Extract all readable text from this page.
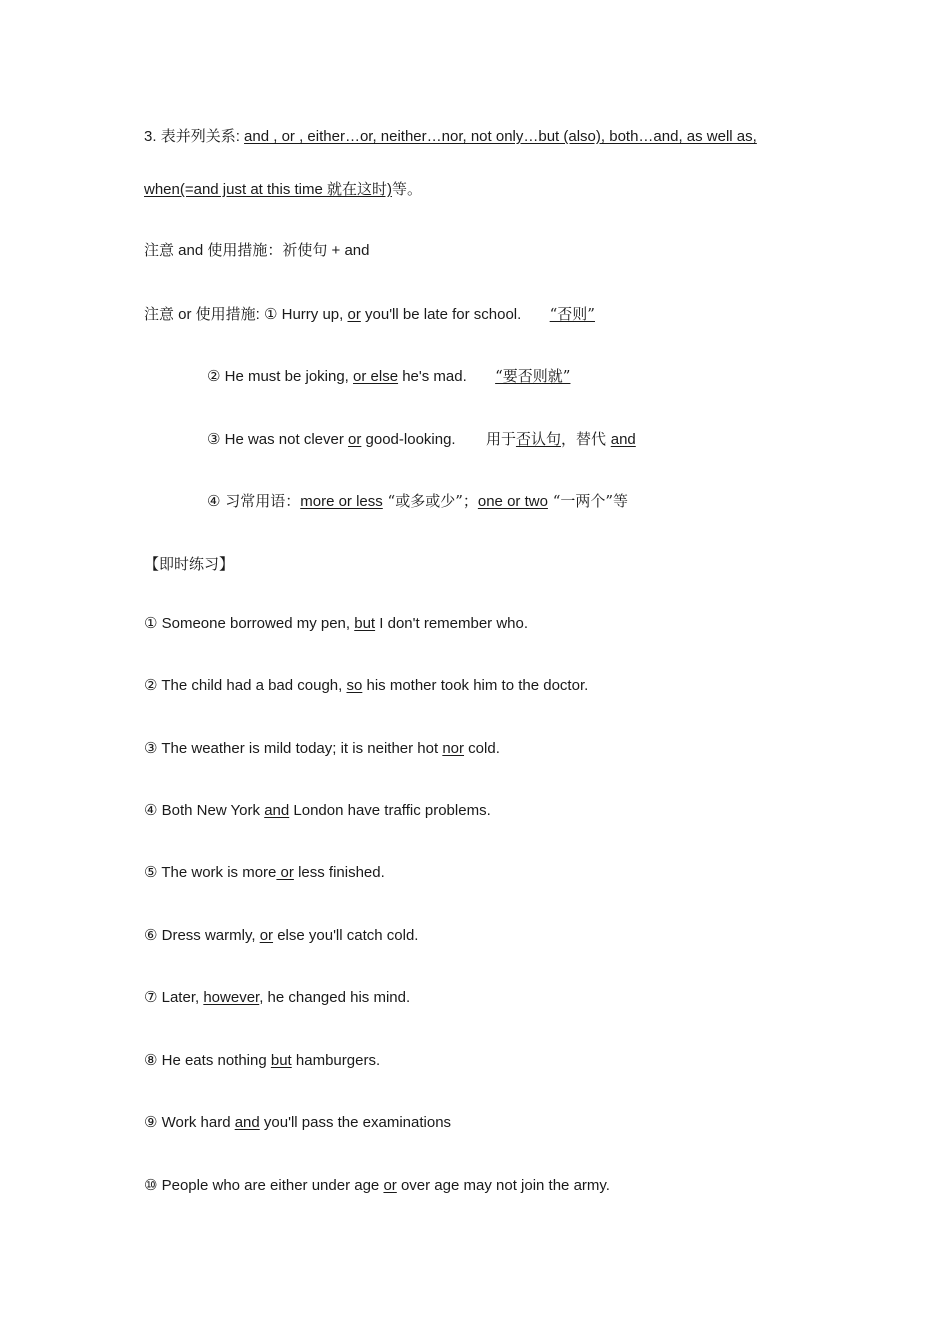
3. 表并列关系: and , or , either…or, neither…nor, not only…but (also), both…and, as well as,
when(=and just at this time 就在这时)等。
注意 and 使用措施：祈使句 + and
注意 or 使用措施: ① Hurry up, or you'll be late for school. “否则”
② He must be joking, or else he's mad. “要否则就”
③ He was not clever or good-looking. 用于否认句，替代 and
④ 习常用语：more or less “或多或少”；one or two “一两个”等
【即时练习】
① Someone borrowed my pen, but I don't remember who.
② The child had a bad cough, so his mother took him to the doctor.
③ The weather is mild today; it is neither hot nor cold.
④ Both New York and London have traffic problems.
⑤ The work is more or less finished.
⑥ Dress warmly, or else you'll catch cold.
⑦ Later, however, he changed his mind.
⑧ He eats nothing but hamburgers.
⑨ Work hard and you'll pass the examinations
⑩ People who are either under age or over age may not join the army.
